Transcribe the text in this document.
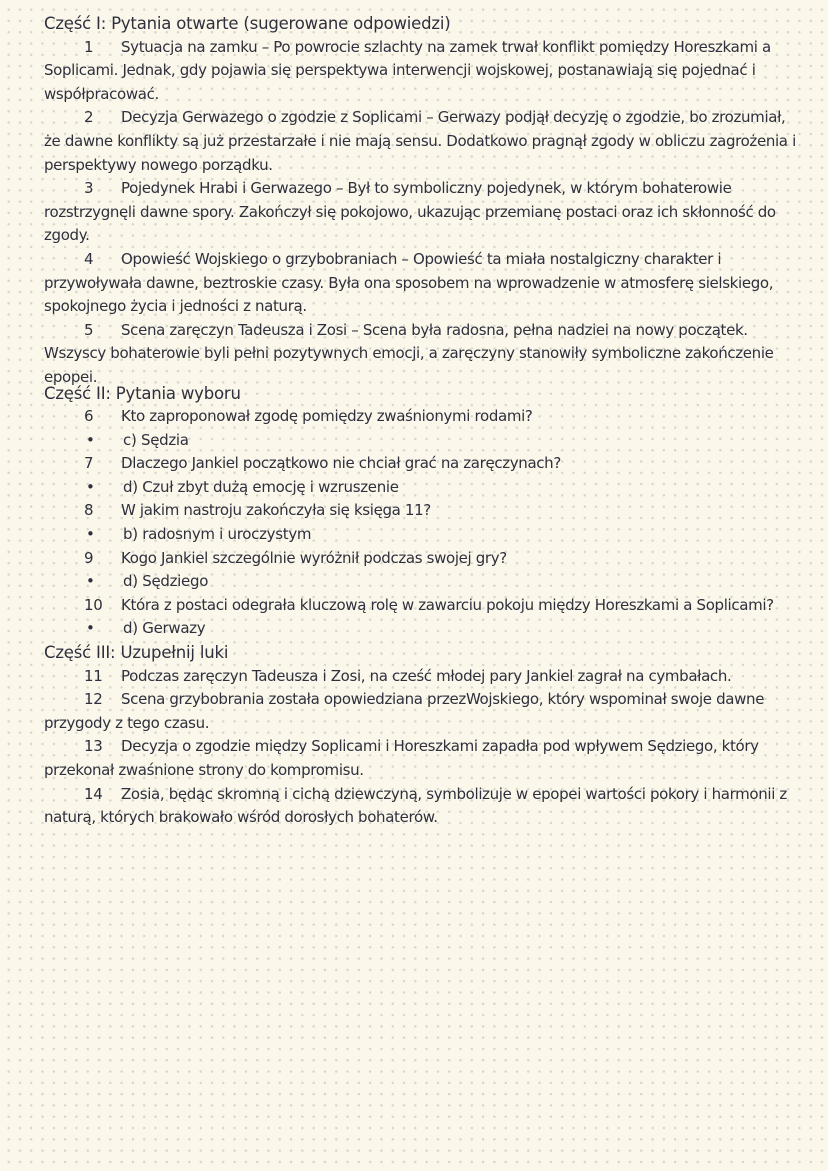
Część I: Pytania otwarte (sugerowane odpowiedzi)
1 Sytuacja na zamku – Po powrocie szlachty na zamek trwał konflikt pomiędzy Horeszkami a Soplicami. Jednak, gdy pojawia się perspektywa interwencji wojskowej, postanawiają się pojednać i współpracować.
2 Decyzja Gerwazego o zgodzie z Soplicami – Gerwazy podjął decyzję o zgodzie, bo zrozumiał, że dawne konflikty są już przestarzałe i nie mają sensu. Dodatkowo pragnął zgody w obliczu zagrożenia i perspektywy nowego porządku.
3 Pojedynek Hrabi i Gerwazego – Był to symboliczny pojedynek, w którym bohaterowie rozstrzygnęli dawne spory. Zakończył się pokojowo, ukazując przemianę postaci oraz ich skłonność do zgody.
4 Opowieść Wojskiego o grzybobraniach – Opowieść ta miała nostalgiczny charakter i przywoływała dawne, beztroskie czasy. Była ona sposobem na wprowadzenie w atmosferę sielskiego, spokojnego życia i jedności z naturą.
5 Scena zaręczyn Tadeusza i Zosi – Scena była radosna, pełna nadziei na nowy początek. Wszyscy bohaterowie byli pełni pozytywnych emocji, a zaręczyny stanowiły symboliczne zakończenie epopei.
Część II: Pytania wyboru
6 Kto zaproponował zgodę pomiędzy zwaśnionymi rodami?
• c) Sędzia
7 Dlaczego Jankiel początkowo nie chciał grać na zaręczynach?
• d) Czuł zbyt dużą emocję i wzruszenie
8 W jakim nastroju zakończyła się księga 11?
• b) radosnym i uroczystym
9 Kogo Jankiel szczególnie wyróżnił podczas swojej gry?
• d) Sędziego
10 Która z postaci odegrała kluczową rolę w zawarciu pokoju między Horeszkami a Soplicami?
• d) Gerwazy
Część III: Uzupełnij luki
11 Podczas zaręczyn Tadeusza i Zosi, na cześć młodej pary Jankiel zagrał na cymbałach.
12 Scena grzybobrania została opowiedziana przezWojskiego, który wspominał swoje dawne przygody z tego czasu.
13 Decyzja o zgodzie między Soplicami i Horeszkami zapadła pod wpływem Sędziego, który przekonał zwaśnione strony do kompromisu.
14 Zosia, będąc skromną i cichą dziewczyną, symbolizuje w epopei wartości pokory i harmonii z naturą, których brakowało wśród dorosłych bohaterów.
